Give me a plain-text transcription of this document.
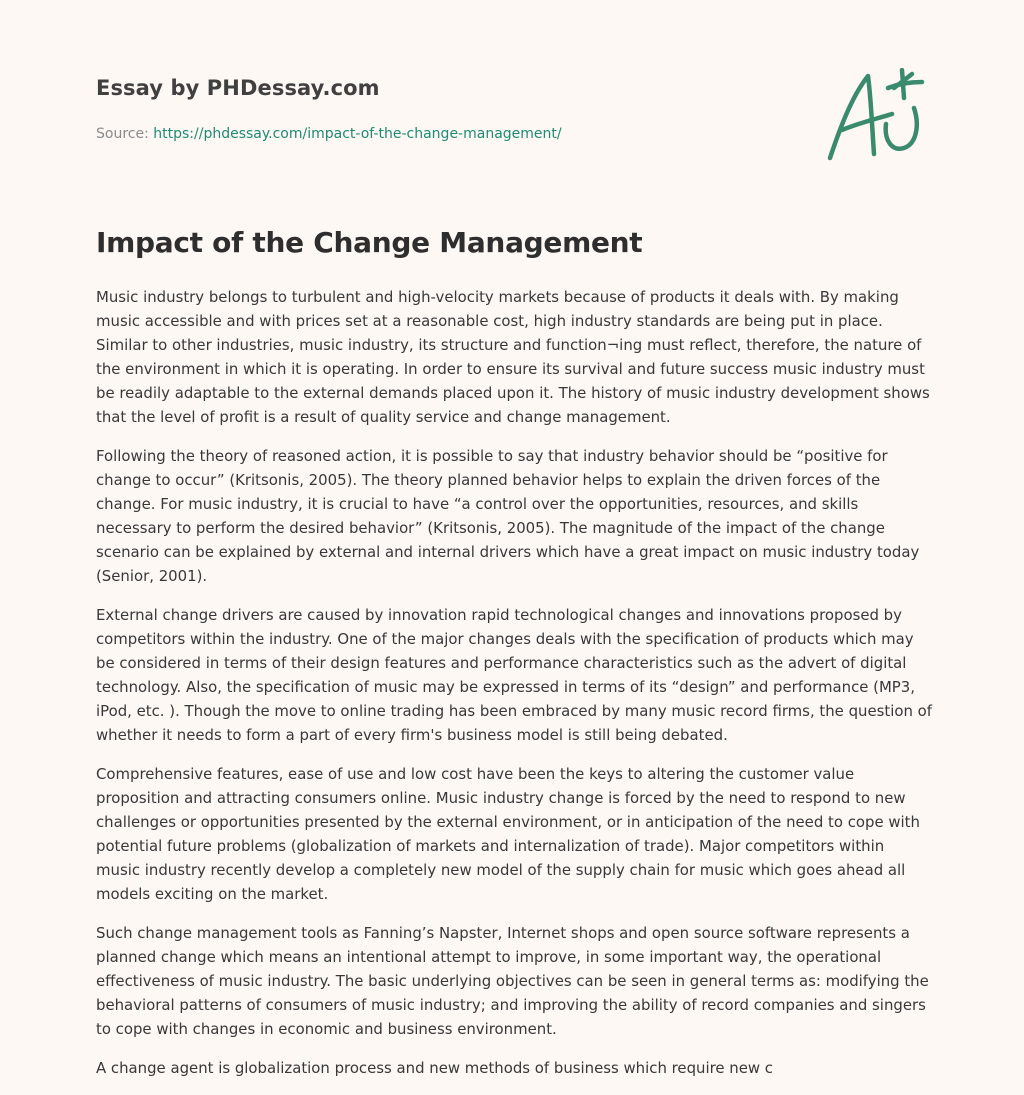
Essay by PHDessay.com
Source: https://phdessay.com/impact-of-the-change-management/
Impact of the Change Management

Music industry belongs to turbulent and high-velocity markets because of products it deals with. By making music accessible and with prices set at a reasonable cost, high industry standards are being put in place. Similar to other industries, music industry, its structure and function¬ing must reflect, therefore, the nature of the environment in which it is operating. In order to ensure its survival and future success music industry must be readily adaptable to the external demands placed upon it. The history of music industry development shows that the level of profit is a result of quality service and change management.

Following the theory of reasoned action, it is possible to say that industry behavior should be “positive for change to occur” (Kritsonis, 2005). The theory planned behavior helps to explain the driven forces of the change. For music industry, it is crucial to have “a control over the opportunities, resources, and skills necessary to perform the desired behavior” (Kritsonis, 2005). The magnitude of the impact of the change scenario can be explained by external and internal drivers which have a great impact on music industry today (Senior, 2001).

External change drivers are caused by innovation rapid technological changes and innovations proposed by competitors within the industry. One of the major changes deals with the specification of products which may be considered in terms of their design features and performance characteristics such as the advert of digital technology. Also, the specification of music may be expressed in terms of its “design” and performance (MP3, iPod, etc. ). Though the move to online trading has been embraced by many music record firms, the question of whether it needs to form a part of every firm's business model is still being debated.

Comprehensive features, ease of use and low cost have been the keys to altering the customer value proposition and attracting consumers online. Music industry change is forced by the need to respond to new challenges or opportunities presented by the external environment, or in anticipation of the need to cope with potential future problems (globalization of markets and internalization of trade). Major competitors within music industry recently develop a completely new model of the supply chain for music which goes ahead all models exciting on the market.

Such change management tools as Fanning’s Napster, Internet shops and open source software represents a planned change which means an intentional attempt to improve, in some important way, the operational effectiveness of music industry. The basic underlying objectives can be seen in general terms as: modifying the behavioral patterns of consumers of music industry; and improving the ability of record companies and singers to cope with changes in economic and business environment.

A change agent is globalization process and new methods of business which require new c
